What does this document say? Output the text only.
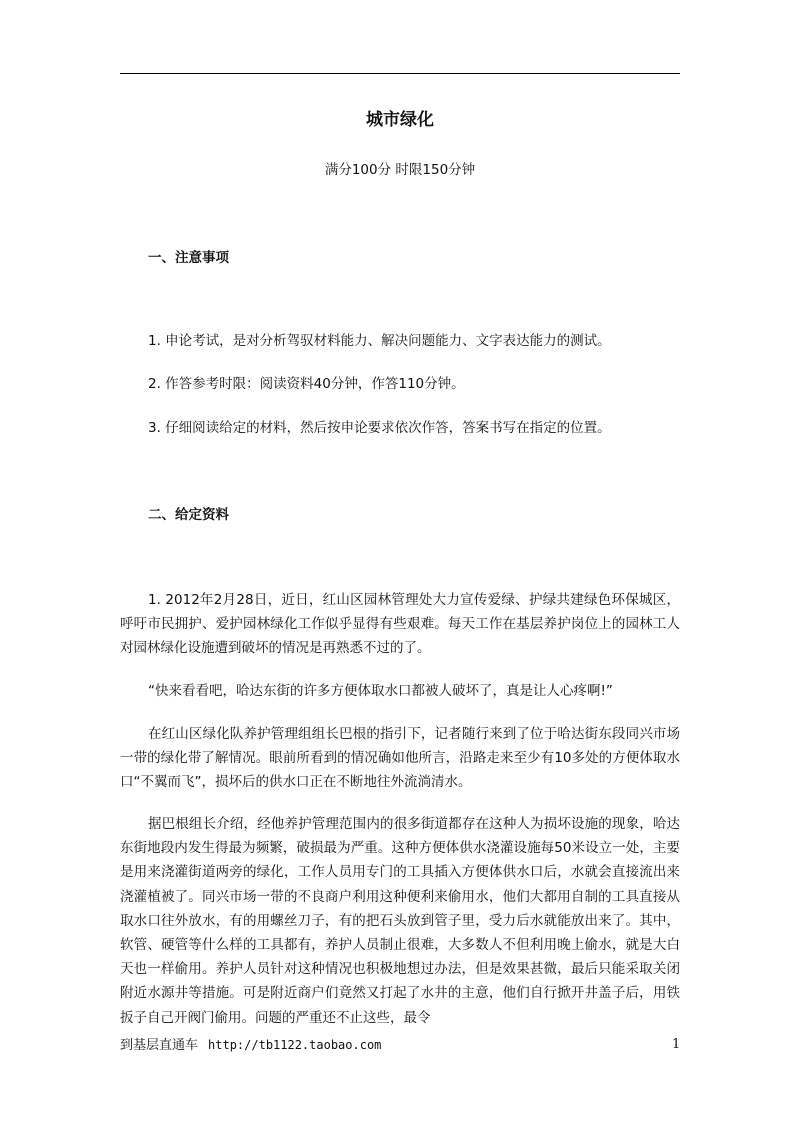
城市绿化
满分100分 时限150分钟
一、注意事项
1. 申论考试，是对分析驾驭材料能力、解决问题能力、文字表达能力的测试。
2. 作答参考时限：阅读资料40分钟，作答110分钟。
3. 仔细阅读给定的材料，然后按申论要求依次作答，答案书写在指定的位置。
二、给定资料

1. 2012年2月28日，近日，红山区园林管理处大力宣传爱绿、护绿共建绿色环保城区，呼吁市民拥护、爱护园林绿化工作似乎显得有些艰难。每天工作在基层养护岗位上的园林工人对园林绿化设施遭到破坏的情况是再熟悉不过的了。

“快来看看吧，哈达东街的许多方便体取水口都被人破坏了，真是让人心疼啊!”

在红山区绿化队养护管理组组长巴根的指引下，记者随行来到了位于哈达街东段同兴市场一带的绿化带了解情况。眼前所看到的情况确如他所言，沿路走来至少有10多处的方便体取水口“不翼而飞”，损坏后的供水口正在不断地往外流淌清水。

据巴根组长介绍，经他养护管理范围内的很多街道都存在这种人为损坏设施的现象，哈达东街地段内发生得最为频繁，破损最为严重。这种方便体供水浇灌设施每50米设立一处，主要是用来浇灌街道两旁的绿化，工作人员用专门的工具插入方便体供水口后，水就会直接流出来浇灌植被了。同兴市场一带的不良商户利用这种便利来偷用水，他们大都用自制的工具直接从取水口往外放水，有的用螺丝刀子，有的把石头放到管子里，受力后水就能放出来了。其中，软管、硬管等什么样的工具都有，养护人员制止很难，大多数人不但利用晚上偷水，就是大白天也一样偷用。养护人员针对这种情况也积极地想过办法，但是效果甚微，最后只能采取关闭附近水源井等措施。可是附近商户们竟然又打起了水井的主意，他们自行掀开井盖子后，用铁扳子自己开阀门偷用。问题的严重还不止这些，最令

到基层直通车 http://tb1122.taobao.com	1
